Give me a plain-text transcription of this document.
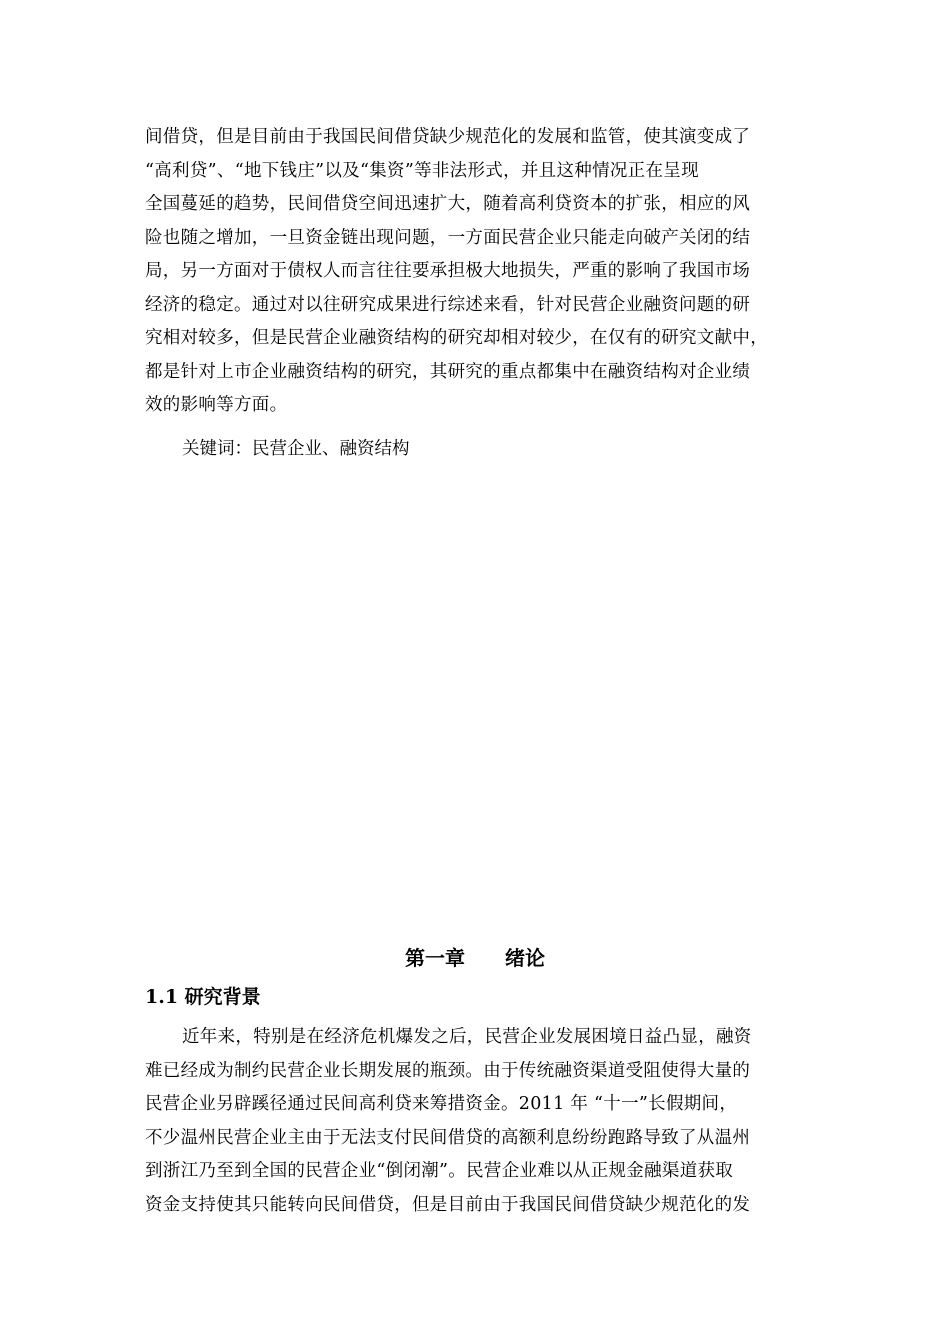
间借贷，但是目前由于我国民间借贷缺少规范化的发展和监管，使其演变成了
“高利贷”、“地下钱庄”以及“集资”等非法形式，并且这种情况正在呈现
全国蔓延的趋势，民间借贷空间迅速扩大，随着高利贷资本的扩张，相应的风
险也随之增加，一旦资金链出现问题，一方面民营企业只能走向破产关闭的结
局，另一方面对于债权人而言往往要承担极大地损失，严重的影响了我国市场
经济的稳定。通过对以往研究成果进行综述来看，针对民营企业融资问题的研
究相对较多，但是民营企业融资结构的研究却相对较少，在仅有的研究文献中，
都是针对上市企业融资结构的研究，其研究的重点都集中在融资结构对企业绩
效的影响等方面。

关键词：民营企业、融资结构

第一章 绪论
1.1 研究背景
近年来，特别是在经济危机爆发之后，民营企业发展困境日益凸显，融资
难已经成为制约民营企业长期发展的瓶颈。由于传统融资渠道受阻使得大量的
民营企业另辟蹊径通过民间高利贷来筹措资金。2011 年 “十一”长假期间，
不少温州民营企业主由于无法支付民间借贷的高额利息纷纷跑路导致了从温州
到浙江乃至到全国的民营企业“倒闭潮”。民营企业难以从正规金融渠道获取
资金支持使其只能转向民间借贷，但是目前由于我国民间借贷缺少规范化的发
